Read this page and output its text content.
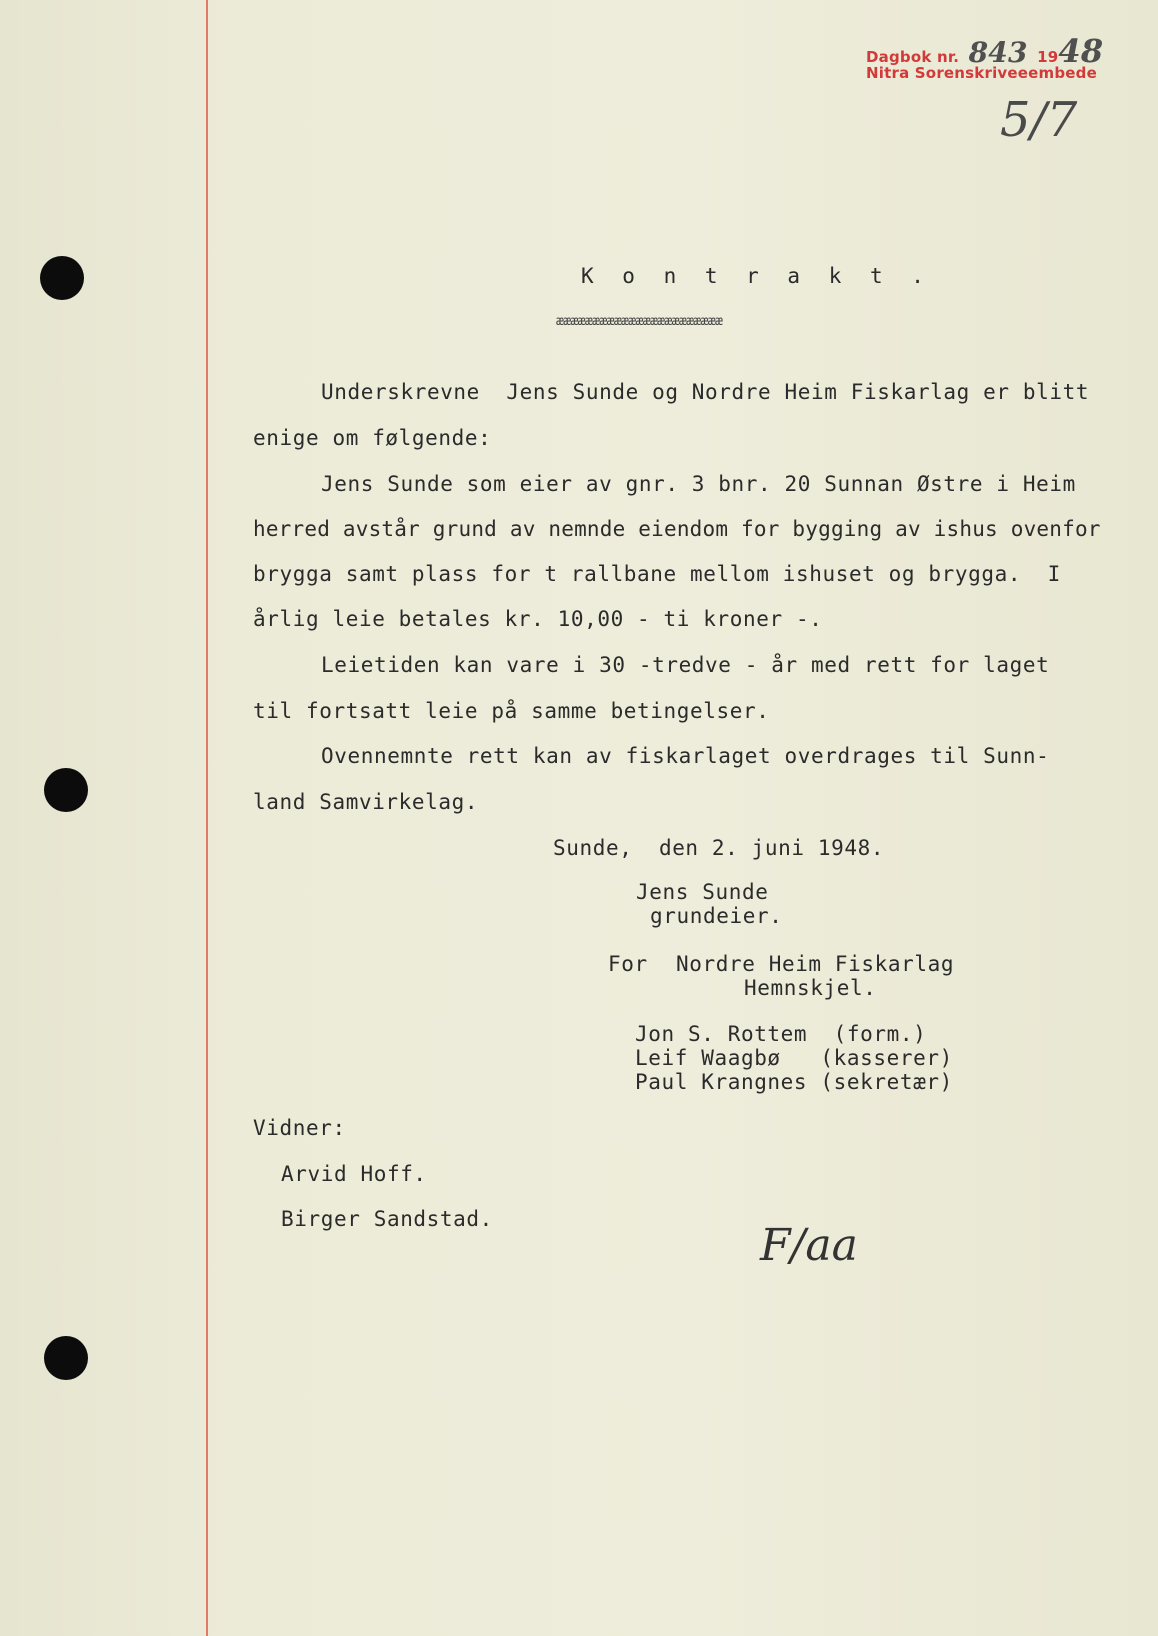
Dagbok nr. 843 1948
Nitra Sorenskriveeembede
5/7
K o n t r a k t .
æææææææææææææææææææææææ
Underskrevne  Jens Sunde og Nordre Heim Fiskarlag er blitt
enige om følgende:
Jens Sunde som eier av gnr. 3 bnr. 20 Sunnan Østre i Heim
herred avstår grund av nemnde eiendom for bygging av ishus ovenfor
brygga samt plass for t rallbane mellom ishuset og brygga.  I
årlig leie betales kr. 10,00 - ti kroner -.
Leietiden kan vare i 30 -tredve - år med rett for laget
til fortsatt leie på samme betingelser.
Ovennemnte rett kan av fiskarlaget overdrages til Sunn-
land Samvirkelag.
Sunde,  den 2. juni 1948.
Jens Sunde
grundeier.
For Nordre Heim Fiskarlag
Hemnskjel.
Jon S. Rottem  (form.)
Leif Waagbø   (kasserer)
Paul Krangnes (sekretær)
Vidner:
Arvid Hoff.
Birger Sandstad.
F/aa
